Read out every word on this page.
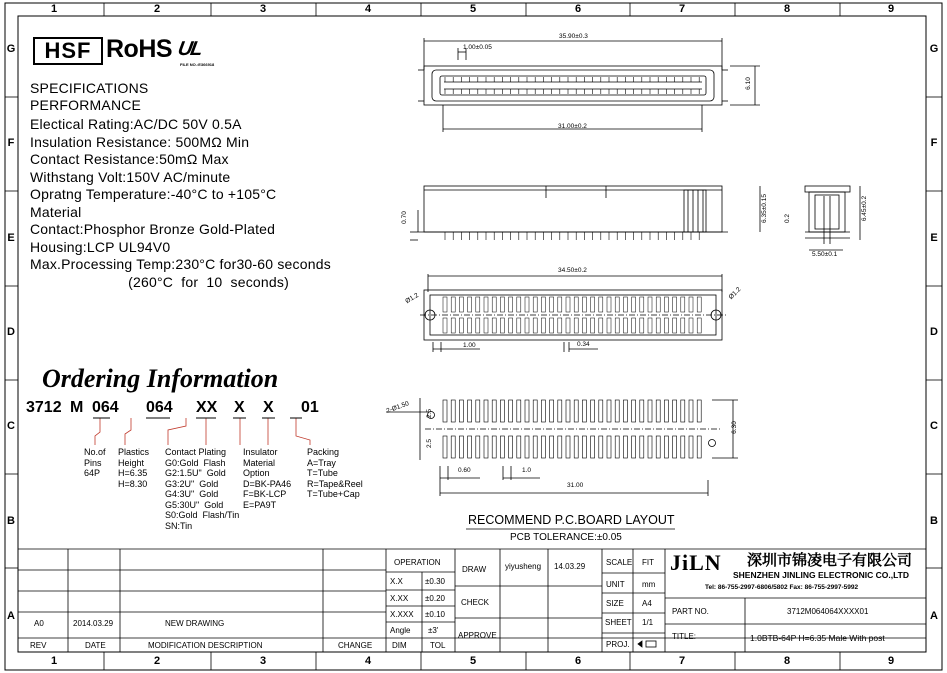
1	2	3	4	5	6	7	8	9
1	2	3	4	5	6	7	8	9
G
F
E
D
C
B
A
G
F
E
D
C
B
A
HSF RoHS UL
FILE NO.:E366918
SPECIFICATIONS
PERFORMANCE
Electical Rating:AC/DC 50V 0.5A
Insulation Resistance: 500MΩ Min
Contact Resistance:50mΩ Max
Withstang Volt:150V AC/minute
Opratng Temperature:-40°C to +105°C
Material
Contact:Phosphor Bronze Gold-Plated
Housing:LCP UL94V0
Max.Processing Temp:230°C for30-60 seconds
(260°C  for  10  seconds)
Ordering Information
3712 M 064 064 XX X X 01
No.of
Pins
64P
Plastics
Height
H=6.35
H=8.30
Contact Plating
G0:Gold  Flash
G2:1.5U"  Gold
G3:2U"  Gold
G4:3U"  Gold
G5:30U"  Gold
S0:Gold  Flash/Tin
SN:Tin
Insulator
Material
Option
D=BK-PA46
F=BK-LCP
E=PA9T
Packing
A=Tray
T=Tube
R=Tape&Reel
T=Tube+Cap
35.90±0.3
1.00±0.05
6.10
31.00±0.2
0.70	6.35±0.15 0.2	6.45±0.2
5.50±0.1
34.50±0.2
Ø1.2	Ø1.2
1.00	0.34
2-Ø1.50 2.5
2.5
6.30
0.60	1.0
31.00
RECOMMEND P.C.BOARD LAYOUT
PCB TOLERANCE:±0.05
A0	2014.03.29	NEW DRAWING
REV	DATE	MODIFICATION DESCRIPTION	CHANGE
OPERATION
X.X	±0.30
X.XX ±0.20
X.XXX ±0.10
Angle ±3'
DIM	TOL
DRAW yiyusheng 14.03.29
CHECK
APPROVE
SCALE FIT
UNIT mm
SIZE A4
SHEET 1/1
PROJ.
JiLN 深圳市锦凌电子有限公司
SHENZHEN JINLING ELECTRONIC CO.,LTD
Tel: 86-755-2997-6806/5802 Fax: 86-755-2997-5992
PART NO.	3712M064064XXXX01
TITLE:	1.0BTB-64P H=6.35 Male With post
